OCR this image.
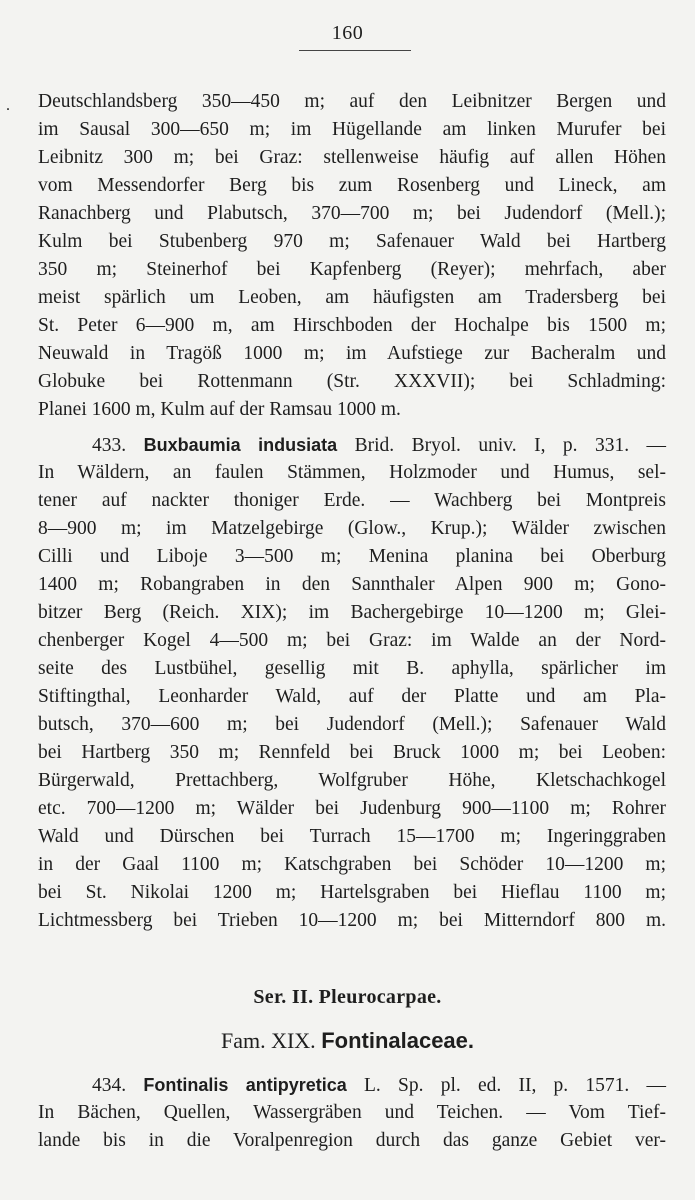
160
. Deutschlandsberg 350—450 m; auf den Leibnitzer Bergen und
im Sausal 300—650 m; im Hügellande am linken Murufer bei
Leibnitz 300 m; bei Graz: stellenweise häufig auf allen Höhen
vom Messendorfer Berg bis zum Rosenberg und Lineck, am
Ranachberg und Plabutsch, 370—700 m; bei Judendorf (Mell.);
Kulm bei Stubenberg 970 m; Safenauer Wald bei Hartberg
350 m; Steinerhof bei Kapfenberg (Reyer); mehrfach, aber
meist spärlich um Leoben, am häufigsten am Tradersberg bei
St. Peter 6—900 m, am Hirschboden der Hochalpe bis 1500 m;
Neuwald in Tragöß 1000 m; im Aufstiege zur Bacheralm und
Globuke bei Rottenmann (Str. XXXVII); bei Schladming:
Planei 1600 m, Kulm auf der Ramsau 1000 m.
433. Buxbaumia indusiata Brid. Bryol. univ. I, p. 331. —
In Wäldern, an faulen Stämmen, Holzmoder und Humus, sel-
tener auf nackter thoniger Erde. — Wachberg bei Montpreis
8—900 m; im Matzelgebirge (Glow., Krup.); Wälder zwischen
Cilli und Liboje 3—500 m; Menina planina bei Oberburg
1400 m; Robangraben in den Sannthaler Alpen 900 m; Gono-
bitzer Berg (Reich. XIX); im Bachergebirge 10—1200 m; Glei-
chenberger Kogel 4—500 m; bei Graz: im Walde an der Nord-
seite des Lustbühel, gesellig mit B. aphylla, spärlicher im
Stiftingthal, Leonharder Wald, auf der Platte und am Pla-
butsch, 370—600 m; bei Judendorf (Mell.); Safenauer Wald
bei Hartberg 350 m; Rennfeld bei Bruck 1000 m; bei Leoben:
Bürgerwald, Prettachberg, Wolfgruber Höhe, Kletschachkogel
etc. 700—1200 m; Wälder bei Judenburg 900—1100 m; Rohrer
Wald und Dürschen bei Turrach 15—1700 m; Ingeringgraben
in der Gaal 1100 m; Katschgraben bei Schöder 10—1200 m;
bei St. Nikolai 1200 m; Hartelsgraben bei Hieflau 1100 m;
Lichtmessberg bei Trieben 10—1200 m; bei Mitterndorf 800 m.
Ser. II. Pleurocarpae.
Fam. XIX. Fontinalaceae.
434. Fontinalis antipyretica L. Sp. pl. ed. II, p. 1571. —
In Bächen, Quellen, Wassergräben und Teichen. — Vom Tief-
lande bis in die Voralpenregion durch das ganze Gebiet ver-
